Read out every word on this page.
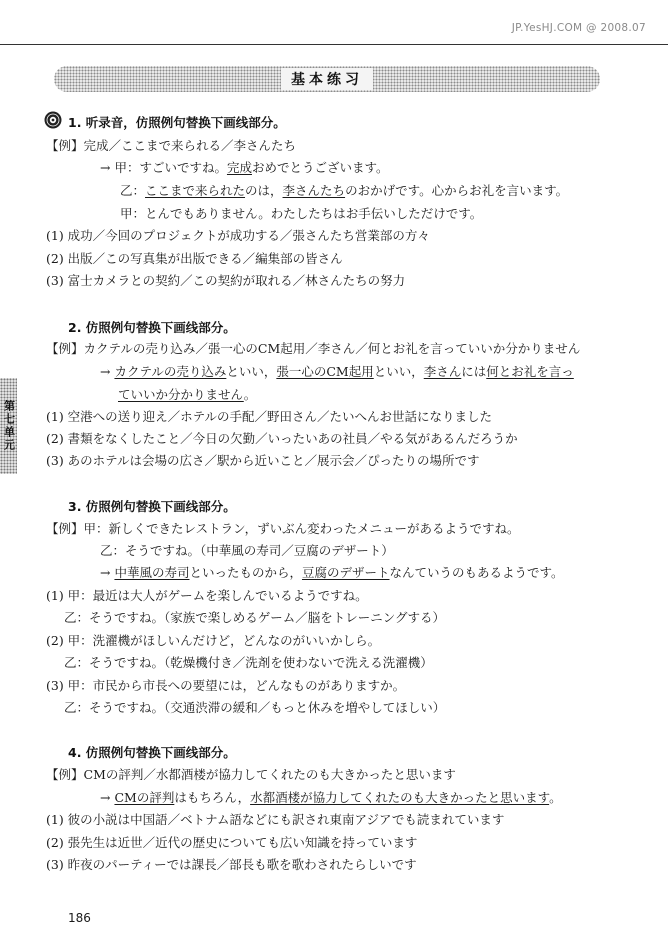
JP.YesHJ.COM @ 2008.07
基本练习
第七单元
1. 听录音，仿照例句替换下画线部分。
【例】完成／ここまで来られる／李さんたち
→ 甲：すごいですね。完成おめでとうございます。
乙：ここまで来られたのは，李さんたちのおかげです。心からお礼を言います。
甲：とんでもありません。わたしたちはお手伝いしただけです。
(1) 成功／今回のプロジェクトが成功する／張さんたち営業部の方々
(2) 出版／この写真集が出版できる／編集部の皆さん
(3) 富士カメラとの契約／この契約が取れる／林さんたちの努力
2. 仿照例句替换下画线部分。
【例】カクテルの売り込み／張一心のCM起用／李さん／何とお礼を言っていいか分かりません
→ カクテルの売り込みといい，張一心のCM起用といい，李さんには何とお礼を言っ
ていいか分かりません。
(1) 空港への送り迎え／ホテルの手配／野田さん／たいへんお世話になりました
(2) 書類をなくしたこと／今日の欠勤／いったいあの社員／やる気があるんだろうか
(3) あのホテルは会場の広さ／駅から近いこと／展示会／ぴったりの場所です
3. 仿照例句替换下画线部分。
【例】甲：新しくできたレストラン，ずいぶん変わったメニューがあるようですね。
乙：そうですね。（中華風の寿司／豆腐のデザート）
→ 中華風の寿司といったものから，豆腐のデザートなんていうのもあるようです。
(1) 甲：最近は大人がゲームを楽しんでいるようですね。
乙：そうですね。（家族で楽しめるゲーム／脳をトレーニングする）
(2) 甲：洗濯機がほしいんだけど，どんなのがいいかしら。
乙：そうですね。（乾燥機付き／洗剤を使わないで洗える洗濯機）
(3) 甲：市民から市長への要望には，どんなものがありますか。
乙：そうですね。（交通渋滞の緩和／もっと休みを増やしてほしい）
4. 仿照例句替换下画线部分。
【例】CMの評判／水都酒楼が協力してくれたのも大きかったと思います
→ CMの評判はもちろん，水都酒楼が協力してくれたのも大きかったと思います。
(1) 彼の小説は中国語／ベトナム語などにも訳され東南アジアでも読まれています
(2) 張先生は近世／近代の歴史についても広い知識を持っています
(3) 昨夜のパーティーでは課長／部長も歌を歌わされたらしいです
186
